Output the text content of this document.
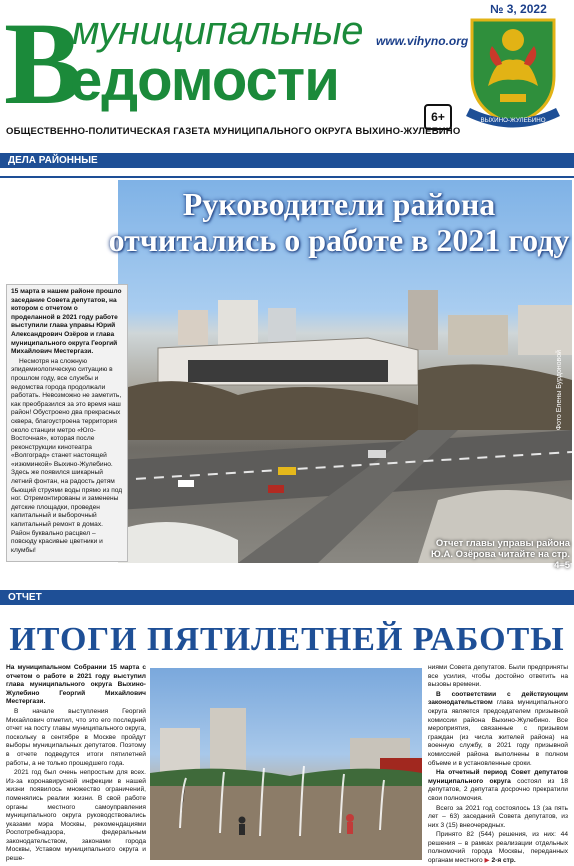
№ 3, 2022
В
муниципальные
едомости
www.vihyno.org
6+	ВЫХИНО-ЖУЛЕБИНО
ОБЩЕСТВЕННО-ПОЛИТИЧЕСКАЯ ГАЗЕТА МУНИЦИПАЛЬНОГО ОКРУГА ВЫХИНО-ЖУЛЕБИНО
ДЕЛА РАЙОННЫЕ
Руководители района
отчитались о работе в 2021 году
Фото Елены Бурдоновой
Отчет главы управы района
Ю.А. Озёрова читайте на стр. 4–5
15 марта в нашем районе прошло заседание Совета депутатов, на котором с отчетом о проделанной в 2021 году работе выступили глава управы Юрий Александрович Озёров и глава муниципального округа Георгий Михайлович Местергази.
Несмотря на сложную эпидемиологическую ситуацию в прошлом году, все службы и ведомства города продолжали работать. Невозможно не заметить, как преобразился за это время наш район! Обустроено два прекрасных сквера, благоустроена территория около станции метро «Юго-Восточная», которая после реконструкции кинотеатра «Волгоград» станет настоящей «изюминкой» Выхино-Жулебино. Здесь же появился шикарный летний фонтан, на радость детям бьющий струями воды прямо из под ног. Отремонтированы и заменены детские площадки, проведен капитальный и выборочный капитальный ремонт в домах. Район буквально расцвел – повсюду красивые цветники и клумбы!
ОТЧЕТ
ИТОГИ ПЯТИЛЕТНЕЙ РАБОТЫ
На муниципальном Собрании 15 марта с отчетом о работе в 2021 году выступил глава муниципального округа Выхино-Жулебино Георгий Михайлович Местергази.
В начале выступления Георгий Михайлович отметил, что это его последний отчет на посту главы муниципального округа, поскольку в сентябре в Москве пройдут выборы муниципальных депутатов. Поэтому в отчете подведутся итоги пятилетней работы, а не только прошедшего года.
2021 год был очень непростым для всех. Из-за коронавирусной инфекции в нашей жизни появилось множество ограничений, поменялись реалии жизни. В свой работе органы местного самоуправления муниципального округа руководствовались указами мэра Москвы, рекомендациями Роспотребнадзора, федеральным законодательством, законами города Москвы, Уставом муниципального округа и реше-
ниями Совета депутатов. Были предприняты все усилия, чтобы достойно ответить на вызовы времени.
В соответствии с действующим законодательством глава муниципального округа является председателем призывной комиссии района Выхино-Жулебино. Все мероприятия, связанные с призывом граждан (из числа жителей района) на военную службу, в 2021 году призывной комиссией района выполнены в полном объеме и в установленные сроки.
На отчетный период Совет депутатов муниципального округа состоял из 18 депутатов, 2 депутата досрочно прекратили свои полномочия.
Всего за 2021 год состоялось 13 (за пять лет – 63) заседаний Совета депутатов, из них 3 (15) внеочередных.
Принято 82 (544) решения, из них: 44 решения – в рамках реализации отдельных полномочий города Москвы, переданных органам местного ▶ 2-я стр.
